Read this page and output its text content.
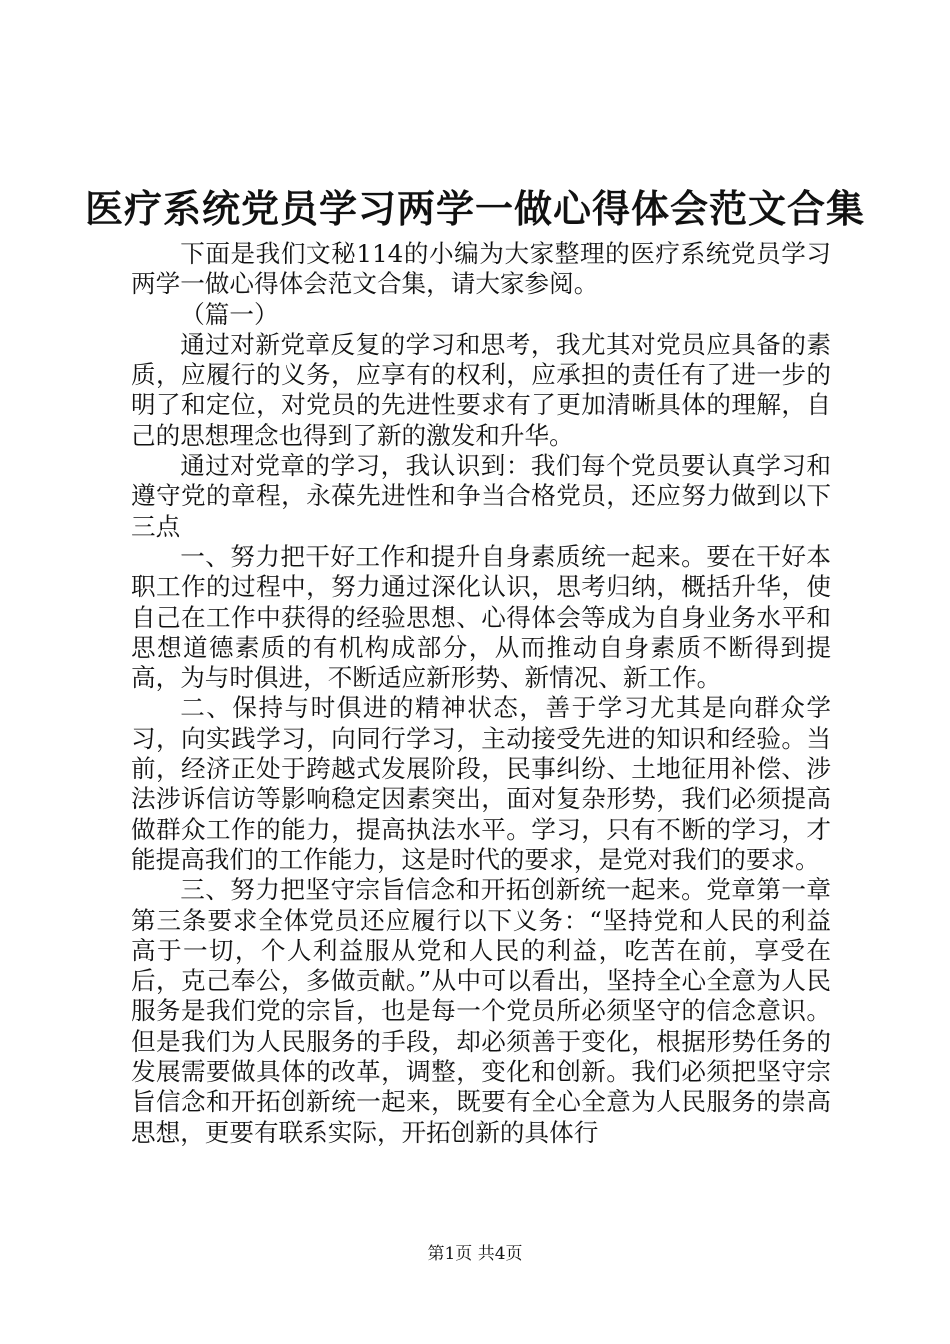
医疗系统党员学习两学一做心得体会范文合集

下面是我们文秘114的小编为大家整理的医疗系统党员学习两学一做心得体会范文合集，请大家参阅。

（篇一）

通过对新党章反复的学习和思考，我尤其对党员应具备的素质，应履行的义务，应享有的权利，应承担的责任有了进一步的明了和定位，对党员的先进性要求有了更加清晰具体的理解，自己的思想理念也得到了新的激发和升华。

通过对党章的学习，我认识到：我们每个党员要认真学习和遵守党的章程，永葆先进性和争当合格党员，还应努力做到以下三点

一、努力把干好工作和提升自身素质统一起来。要在干好本职工作的过程中，努力通过深化认识，思考归纳，概括升华，使自己在工作中获得的经验思想、心得体会等成为自身业务水平和思想道德素质的有机构成部分，从而推动自身素质不断得到提高，为与时俱进，不断适应新形势、新情况、新工作。

二、保持与时俱进的精神状态，善于学习尤其是向群众学习，向实践学习，向同行学习，主动接受先进的知识和经验。当前，经济正处于跨越式发展阶段，民事纠纷、土地征用补偿、涉法涉诉信访等影响稳定因素突出，面对复杂形势，我们必须提高做群众工作的能力，提高执法水平。学习，只有不断的学习，才能提高我们的工作能力，这是时代的要求，是党对我们的要求。

三、努力把坚守宗旨信念和开拓创新统一起来。党章第一章第三条要求全体党员还应履行以下义务：“坚持党和人民的利益高于一切，个人利益服从党和人民的利益，吃苦在前，享受在后，克己奉公，多做贡献。”从中可以看出，坚持全心全意为人民服务是我们党的宗旨，也是每一个党员所必须坚守的信念意识。但是我们为人民服务的手段，却必须善于变化，根据形势任务的发展需要做具体的改革，调整，变化和创新。我们必须把坚守宗旨信念和开拓创新统一起来，既要有全心全意为人民服务的崇高思想，更要有联系实际，开拓创新的具体行

第1页 共4页
